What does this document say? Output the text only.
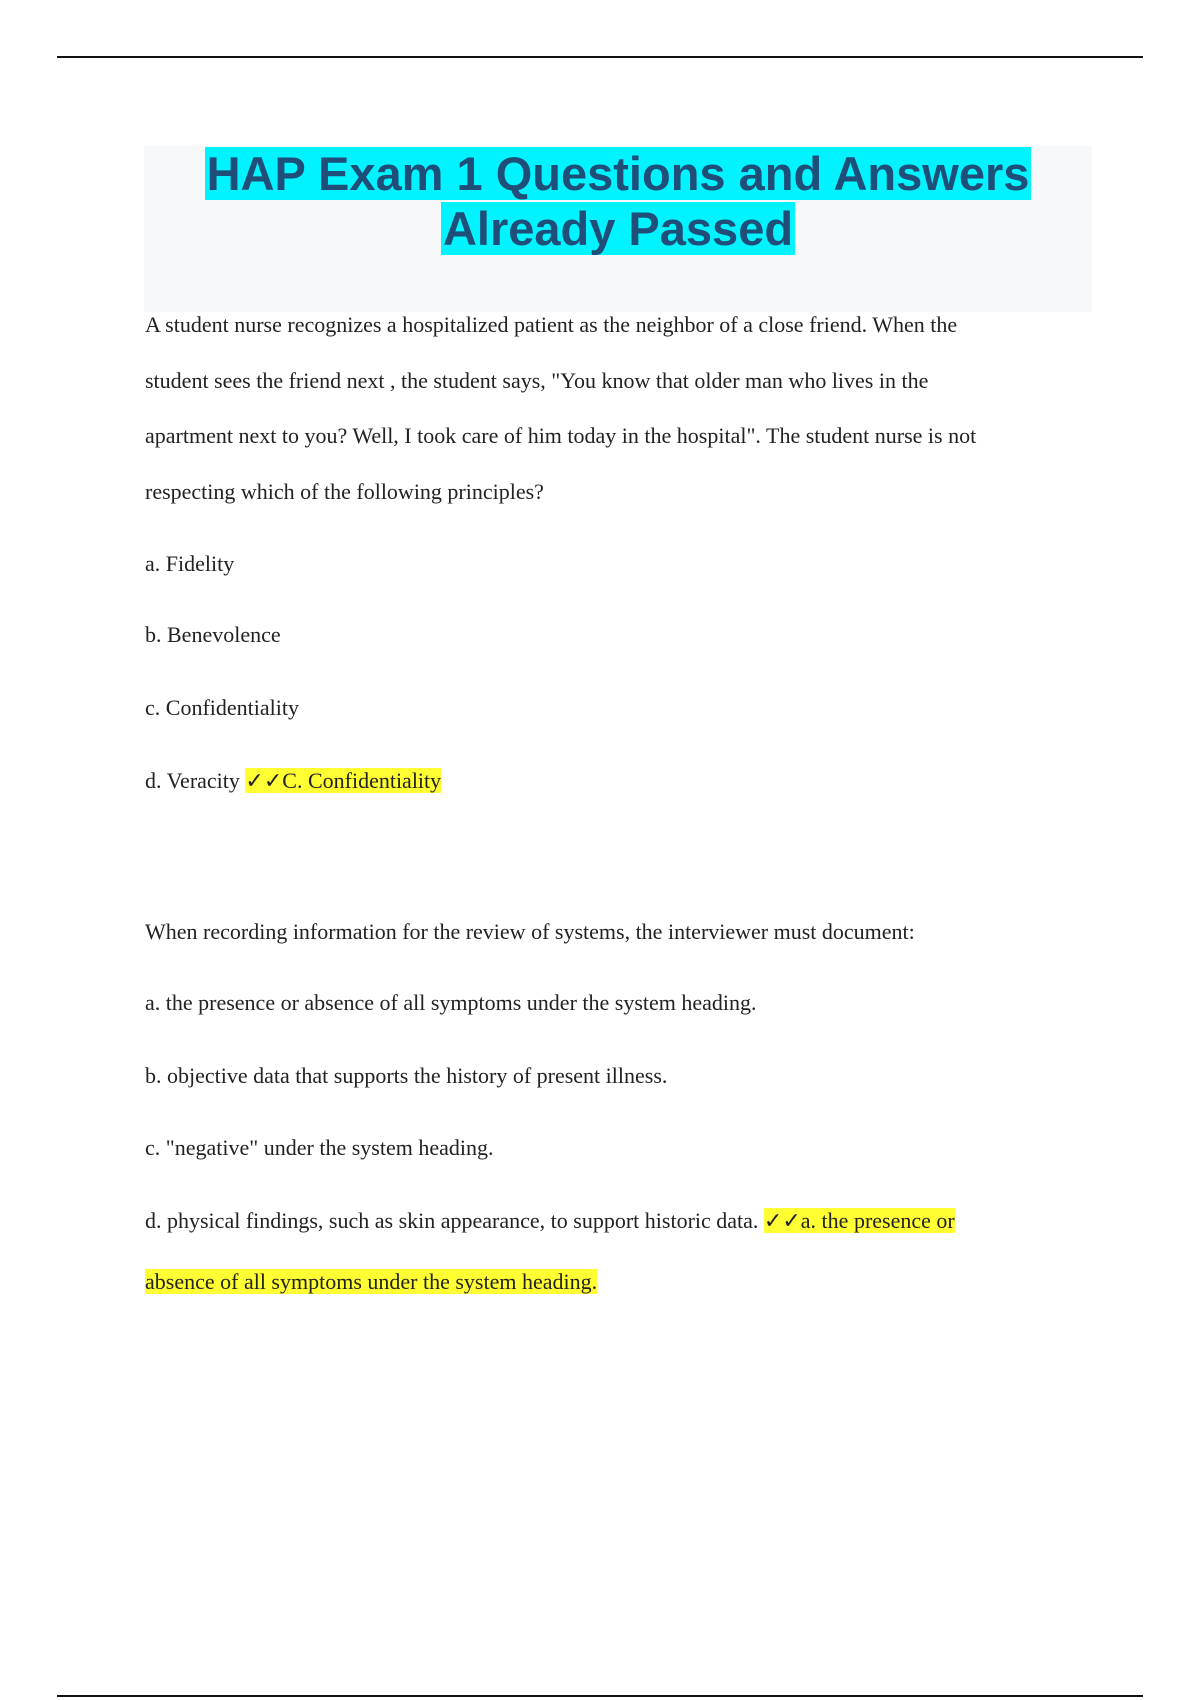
HAP Exam 1 Questions and Answers
Already Passed
A student nurse recognizes a hospitalized patient as the neighbor of a close friend. When the
student sees the friend next , the student says, "You know that older man who lives in the
apartment next to you? Well, I took care of him today in the hospital". The student nurse is not
respecting which of the following principles?
a. Fidelity
b. Benevolence
c. Confidentiality
d. Veracity ✓✓C. Confidentiality
When recording information for the review of systems, the interviewer must document:
a. the presence or absence of all symptoms under the system heading.
b. objective data that supports the history of present illness.
c. "negative" under the system heading.
d. physical findings, such as skin appearance, to support historic data. ✓✓a. the presence or
absence of all symptoms under the system heading.
